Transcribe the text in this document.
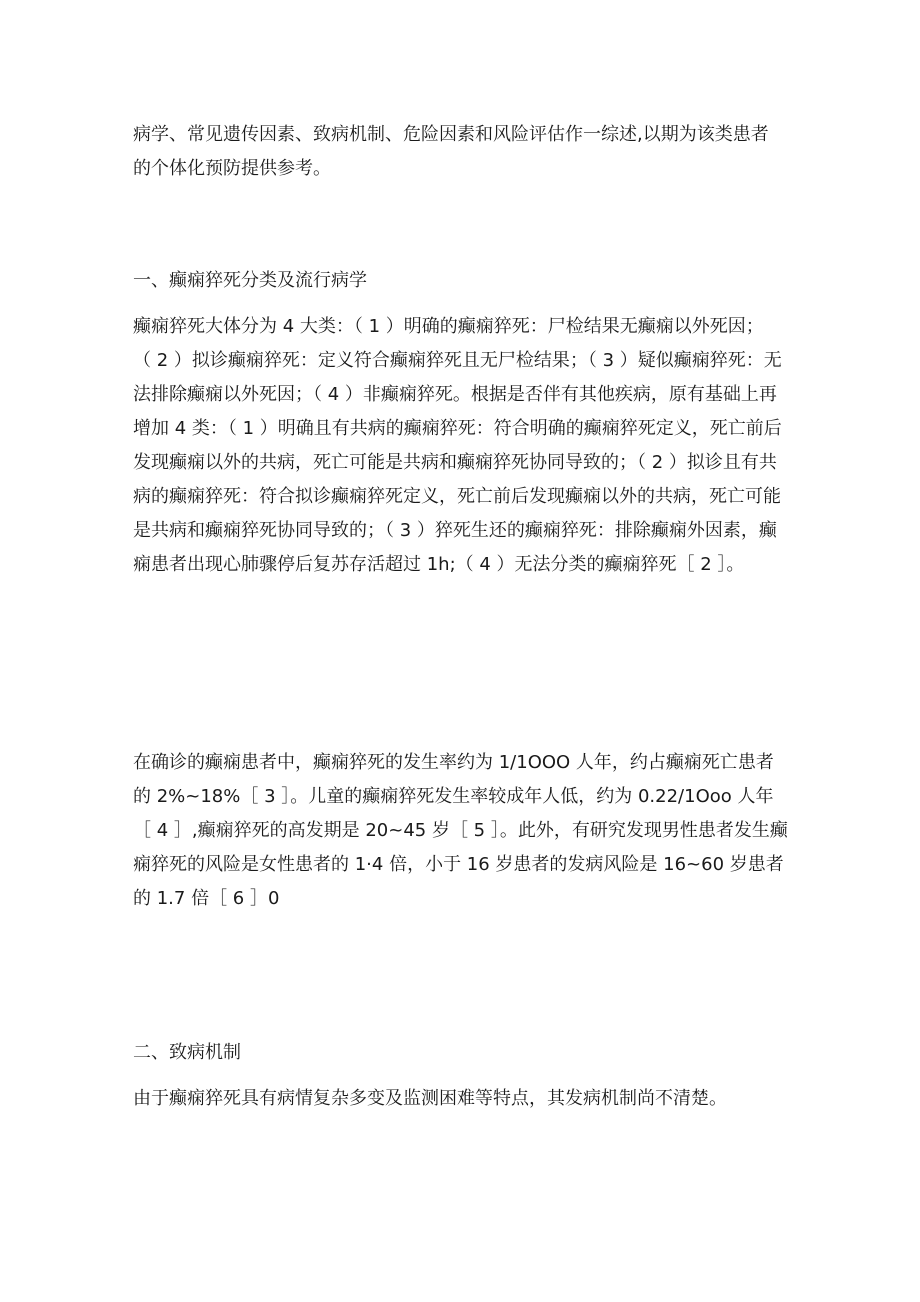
病学、常见遗传因素、致病机制、危险因素和风险评估作一综述,以期为该类患者
的个体化预防提供参考。

一、癫痫猝死分类及流行病学

癫痫猝死大体分为 4 大类：（ 1 ）明确的癫痫猝死：尸检结果无癫痫以外死因；
（ 2 ）拟诊癫痫猝死：定义符合癫痫猝死且无尸检结果；（ 3 ）疑似癫痫猝死：无
法排除癫痫以外死因；（ 4 ）非癫痫猝死。根据是否伴有其他疾病，原有基础上再
增加 4 类：（ 1 ）明确且有共病的癫痫猝死：符合明确的癫痫猝死定义，死亡前后
发现癫痫以外的共病，死亡可能是共病和癫痫猝死协同导致的；（ 2 ）拟诊且有共
病的癫痫猝死：符合拟诊癫痫猝死定义，死亡前后发现癫痫以外的共病，死亡可能
是共病和癫痫猝死协同导致的；（ 3 ）猝死生还的癫痫猝死：排除癫痫外因素，癫
痫患者出现心肺骤停后复苏存活超过 1h;（ 4 ）无法分类的癫痫猝死［ 2 ］。

在确诊的癫痫患者中，癫痫猝死的发生率约为 1/1OOO 人年，约占癫痫死亡患者
的 2%~18%［ 3 ］。儿童的癫痫猝死发生率较成年人低，约为 0.22/1Ooo 人年
［ 4 ］,癫痫猝死的高发期是 20~45 岁［ 5 ］。此外，有研究发现男性患者发生癫
痫猝死的风险是女性患者的 1·4 倍，小于 16 岁患者的发病风险是 16~60 岁患者
的 1.7 倍［ 6 ］0

二、致病机制

由于癫痫猝死具有病情复杂多变及监测困难等特点，其发病机制尚不清楚。
